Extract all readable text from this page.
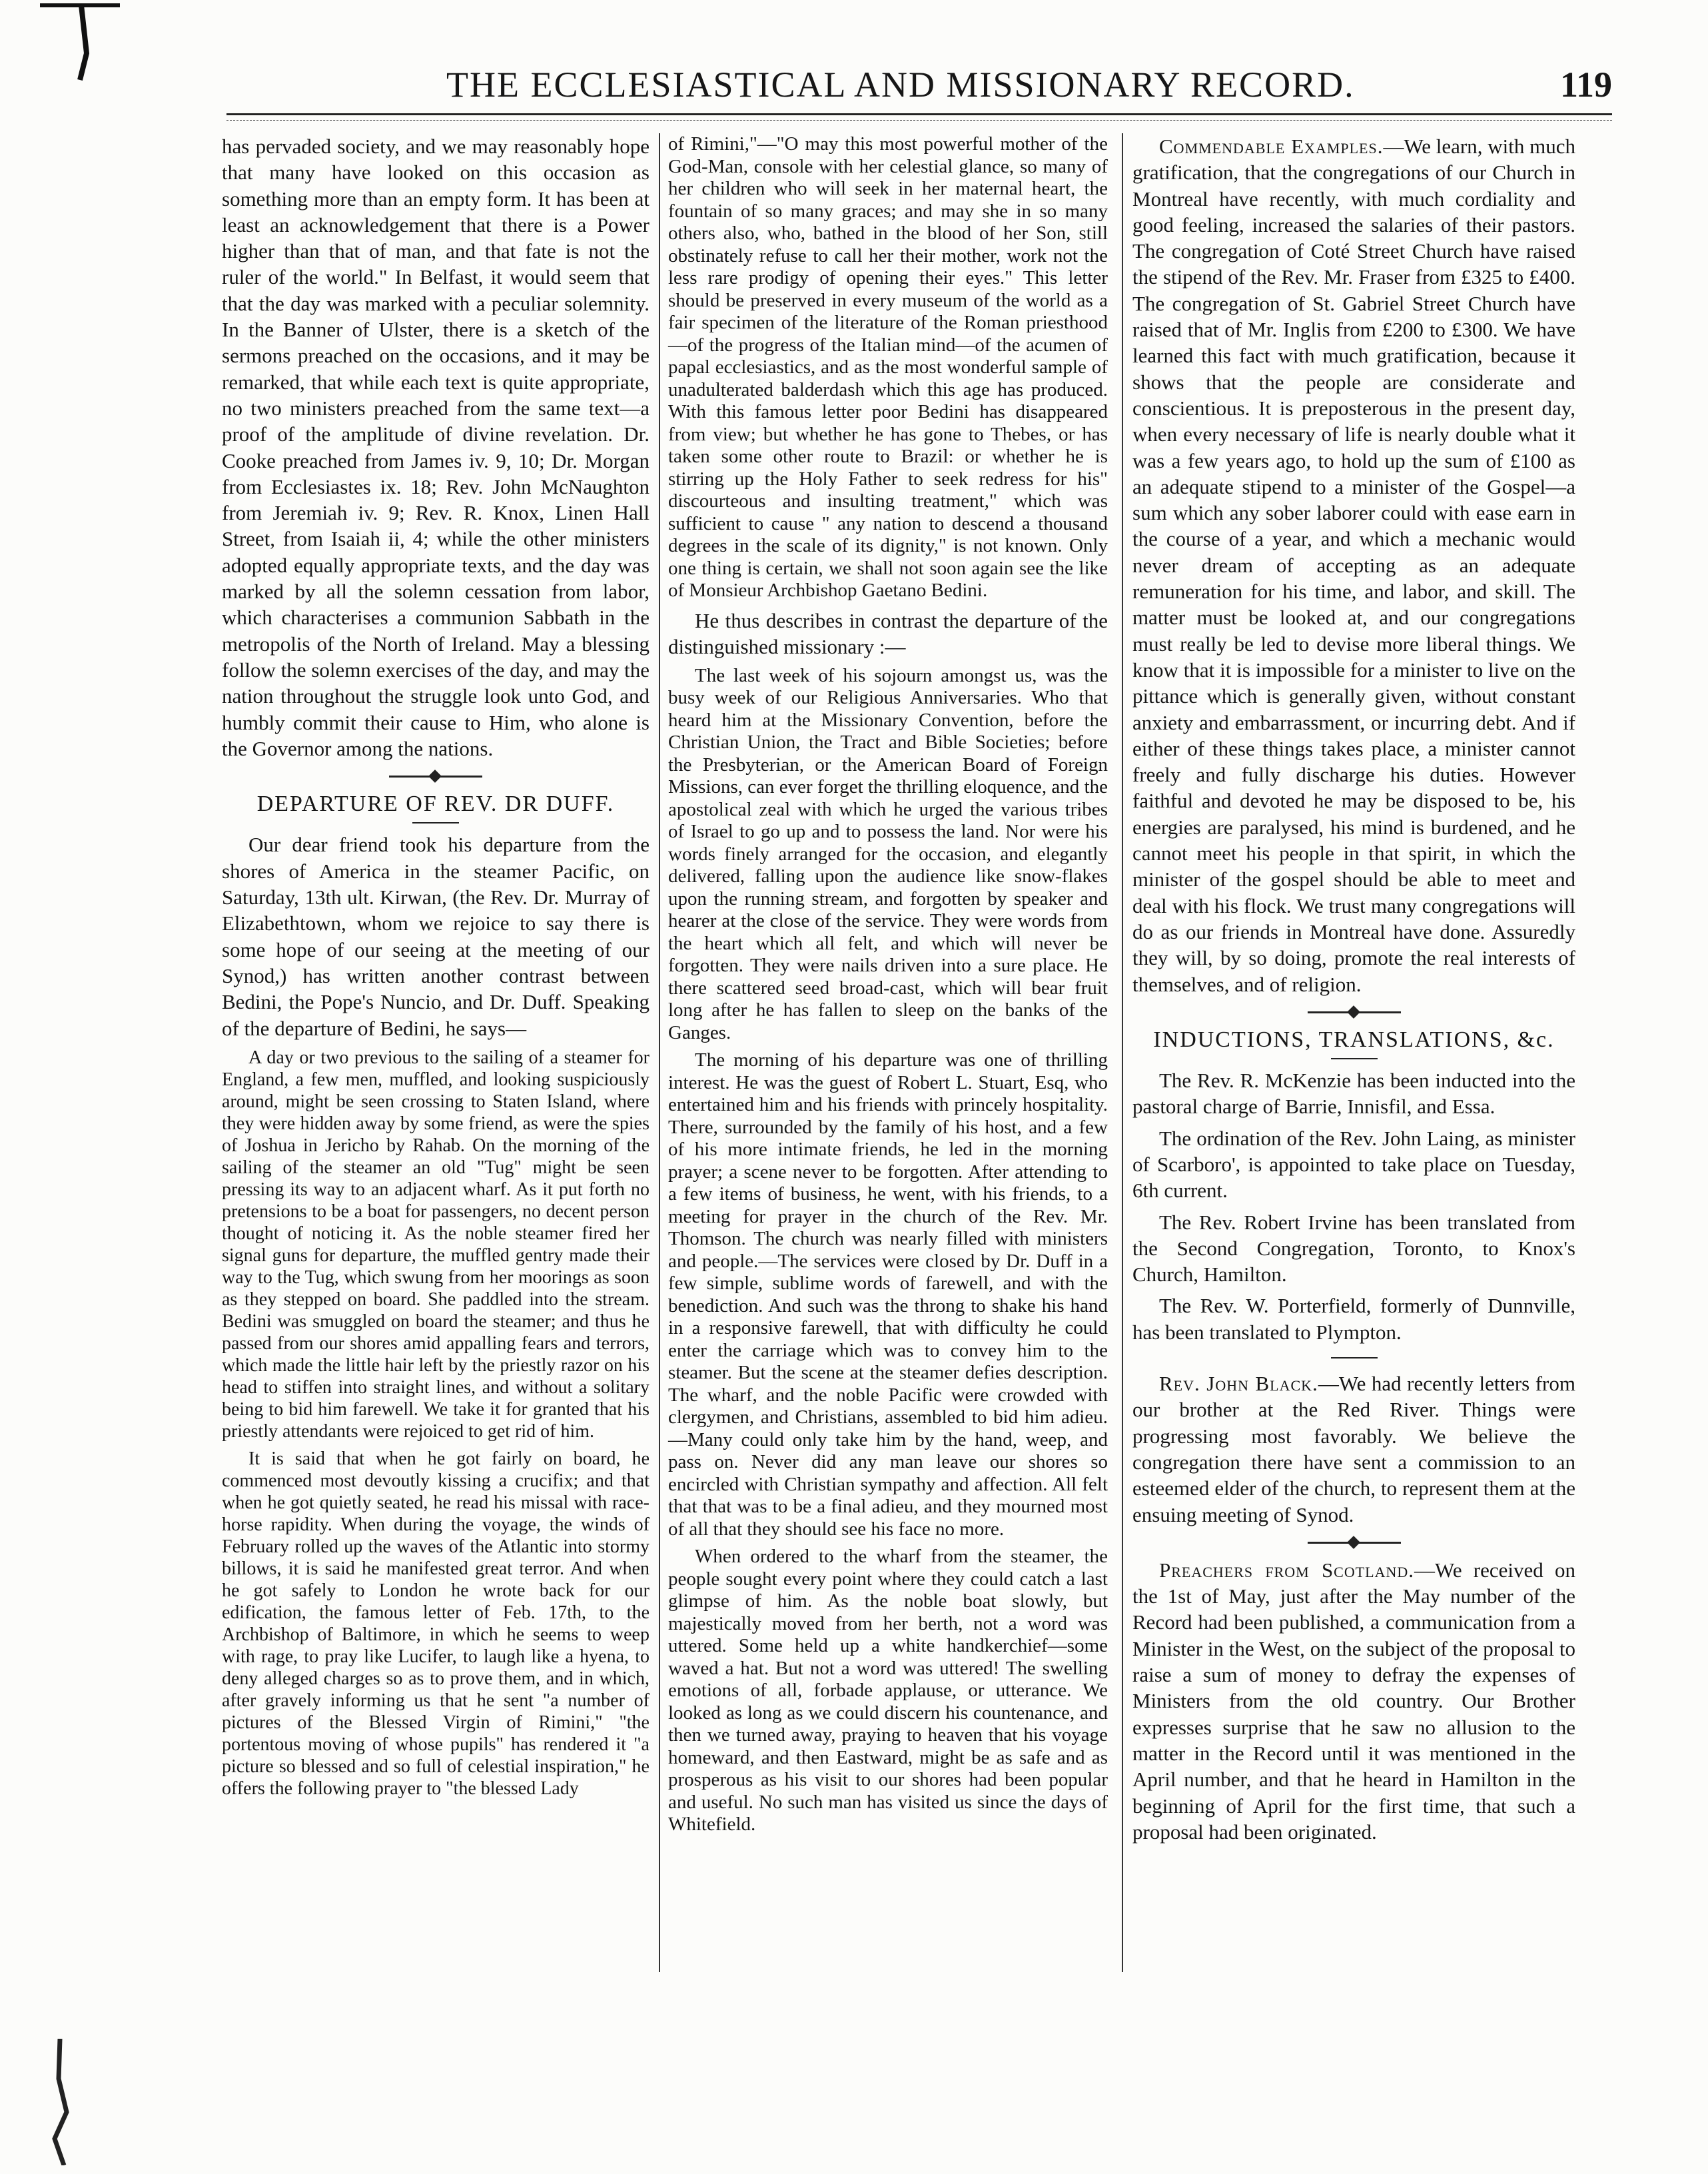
THE ECCLESIASTICAL AND MISSIONARY RECORD.	119

has pervaded society, and we may reasonably hope that many have looked on this occasion as something more than an empty form. It has been at least an acknowledgement that there is a Power higher than that of man, and that fate is not the ruler of the world." In Belfast, it would seem that that the day was marked with a peculiar solemnity. In the Banner of Ulster, there is a sketch of the sermons preached on the occasions, and it may be remarked, that while each text is quite appropriate, no two ministers preached from the same text—a proof of the amplitude of divine revelation. Dr. Cooke preached from James iv. 9, 10; Dr. Morgan from Ecclesiastes ix. 18; Rev. John McNaughton from Jeremiah iv. 9; Rev. R. Knox, Linen Hall Street, from Isaiah ii, 4; while the other ministers adopted equally appropriate texts, and the day was marked by all the solemn cessation from labor, which characterises a communion Sabbath in the metropolis of the North of Ireland. May a blessing follow the solemn exercises of the day, and may the nation throughout the struggle look unto God, and humbly commit their cause to Him, who alone is the Governor among the nations.

DEPARTURE OF REV. DR DUFF.

Our dear friend took his departure from the shores of America in the steamer Pacific, on Saturday, 13th ult. Kirwan, (the Rev. Dr. Murray of Elizabethtown, whom we rejoice to say there is some hope of our seeing at the meeting of our Synod,) has written another contrast between Bedini, the Pope's Nuncio, and Dr. Duff. Speaking of the departure of Bedini, he says—

A day or two previous to the sailing of a steamer for England, a few men, muffled, and looking suspiciously around, might be seen crossing to Staten Island, where they were hidden away by some friend, as were the spies of Joshua in Jericho by Rahab. On the morning of the sailing of the steamer an old "Tug" might be seen pressing its way to an adjacent wharf. As it put forth no pretensions to be a boat for passengers, no decent person thought of noticing it. As the noble steamer fired her signal guns for departure, the muffled gentry made their way to the Tug, which swung from her moorings as soon as they stepped on board. She paddled into the stream. Bedini was smuggled on board the steamer; and thus he passed from our shores amid appalling fears and terrors, which made the little hair left by the priestly razor on his head to stiffen into straight lines, and without a solitary being to bid him farewell. We take it for granted that his priestly attendants were rejoiced to get rid of him.

It is said that when he got fairly on board, he commenced most devoutly kissing a crucifix; and that when he got quietly seated, he read his missal with race-horse rapidity. When during the voyage, the winds of February rolled up the waves of the Atlantic into stormy billows, it is said he manifested great terror. And when he got safely to London he wrote back for our edification, the famous letter of Feb. 17th, to the Archbishop of Baltimore, in which he seems to weep with rage, to pray like Lucifer, to laugh like a hyena, to deny alleged charges so as to prove them, and in which, after gravely informing us that he sent "a number of pictures of the Blessed Virgin of Rimini," "the portentous moving of whose pupils" has rendered it "a picture so blessed and so full of celestial inspiration," he offers the following prayer to "the blessed Lady

of Rimini,"—"O may this most powerful mother of the God-Man, console with her celestial glance, so many of her children who will seek in her maternal heart, the fountain of so many graces; and may she in so many others also, who, bathed in the blood of her Son, still obstinately refuse to call her their mother, work not the less rare prodigy of opening their eyes." This letter should be preserved in every museum of the world as a fair specimen of the literature of the Roman priesthood—of the progress of the Italian mind—of the acumen of papal ecclesiastics, and as the most wonderful sample of unadulterated balderdash which this age has produced. With this famous letter poor Bedini has disappeared from view; but whether he has gone to Thebes, or has taken some other route to Brazil: or whether he is stirring up the Holy Father to seek redress for his" discourteous and insulting treatment," which was sufficient to cause " any nation to descend a thousand degrees in the scale of its dignity," is not known. Only one thing is certain, we shall not soon again see the like of Monsieur Archbishop Gaetano Bedini.

He thus describes in contrast the departure of the distinguished missionary :—

The last week of his sojourn amongst us, was the busy week of our Religious Anniversaries. Who that heard him at the Missionary Convention, before the Christian Union, the Tract and Bible Societies; before the Presbyterian, or the American Board of Foreign Missions, can ever forget the thrilling eloquence, and the apostolical zeal with which he urged the various tribes of Israel to go up and to possess the land. Nor were his words finely arranged for the occasion, and elegantly delivered, falling upon the audience like snow-flakes upon the running stream, and forgotten by speaker and hearer at the close of the service. They were words from the heart which all felt, and which will never be forgotten. They were nails driven into a sure place. He there scattered seed broad-cast, which will bear fruit long after he has fallen to sleep on the banks of the Ganges.

The morning of his departure was one of thrilling interest. He was the guest of Robert L. Stuart, Esq, who entertained him and his friends with princely hospitality. There, surrounded by the family of his host, and a few of his more intimate friends, he led in the morning prayer; a scene never to be forgotten. After attending to a few items of business, he went, with his friends, to a meeting for prayer in the church of the Rev. Mr. Thomson. The church was nearly filled with ministers and people.—The services were closed by Dr. Duff in a few simple, sublime words of farewell, and with the benediction. And such was the throng to shake his hand in a responsive farewell, that with difficulty he could enter the carriage which was to convey him to the steamer. But the scene at the steamer defies description. The wharf, and the noble Pacific were crowded with clergymen, and Christians, assembled to bid him adieu.—Many could only take him by the hand, weep, and pass on. Never did any man leave our shores so encircled with Christian sympathy and affection. All felt that that was to be a final adieu, and they mourned most of all that they should see his face no more.

When ordered to the wharf from the steamer, the people sought every point where they could catch a last glimpse of him. As the noble boat slowly, but majestically moved from her berth, not a word was uttered. Some held up a white handkerchief—some waved a hat. But not a word was uttered! The swelling emotions of all, forbade applause, or utterance. We looked as long as we could discern his countenance, and then we turned away, praying to heaven that his voyage homeward, and then Eastward, might be as safe and as prosperous as his visit to our shores had been popular and useful. No such man has visited us since the days of Whitefield.

Commendable Examples.—We learn, with much gratification, that the congregations of our Church in Montreal have recently, with much cordiality and good feeling, increased the salaries of their pastors. The congregation of Coté Street Church have raised the stipend of the Rev. Mr. Fraser from £325 to £400. The congregation of St. Gabriel Street Church have raised that of Mr. Inglis from £200 to £300. We have learned this fact with much gratification, because it shows that the people are considerate and conscientious. It is preposterous in the present day, when every necessary of life is nearly double what it was a few years ago, to hold up the sum of £100 as an adequate stipend to a minister of the Gospel—a sum which any sober laborer could with ease earn in the course of a year, and which a mechanic would never dream of accepting as an adequate remuneration for his time, and labor, and skill. The matter must be looked at, and our congregations must really be led to devise more liberal things. We know that it is impossible for a minister to live on the pittance which is generally given, without constant anxiety and embarrassment, or incurring debt. And if either of these things takes place, a minister cannot freely and fully discharge his duties. However faithful and devoted he may be disposed to be, his energies are paralysed, his mind is burdened, and he cannot meet his people in that spirit, in which the minister of the gospel should be able to meet and deal with his flock. We trust many congregations will do as our friends in Montreal have done. Assuredly they will, by so doing, promote the real interests of themselves, and of religion.

INDUCTIONS, TRANSLATIONS, &c.

The Rev. R. McKenzie has been inducted into the pastoral charge of Barrie, Innisfil, and Essa.

The ordination of the Rev. John Laing, as minister of Scarboro', is appointed to take place on Tuesday, 6th current.

The Rev. Robert Irvine has been translated from the Second Congregation, Toronto, to Knox's Church, Hamilton.

The Rev. W. Porterfield, formerly of Dunnville, has been translated to Plympton.

Rev. John Black.—We had recently letters from our brother at the Red River. Things were progressing most favorably. We believe the congregation there have sent a commission to an esteemed elder of the church, to represent them at the ensuing meeting of Synod.

Preachers from Scotland.—We received on the 1st of May, just after the May number of the Record had been published, a communication from a Minister in the West, on the subject of the proposal to raise a sum of money to defray the expenses of Ministers from the old country. Our Brother expresses surprise that he saw no allusion to the matter in the Record until it was mentioned in the April number, and that he heard in Hamilton in the beginning of April for the first time, that such a proposal had been originated.
